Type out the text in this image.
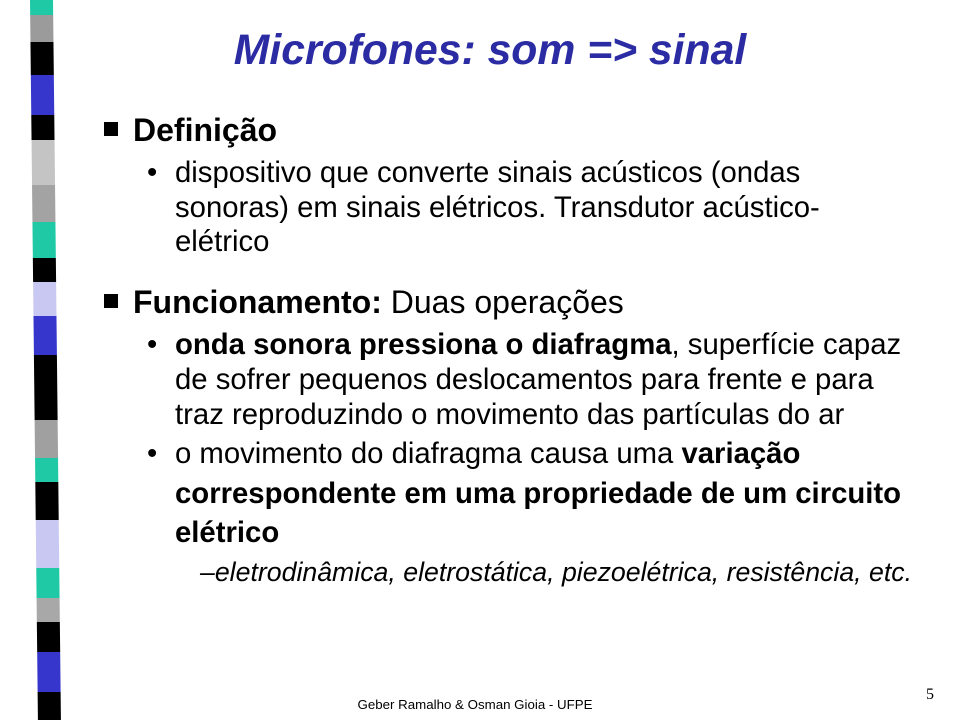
Microfones: som => sinal
Definição
• dispositivo que converte sinais acústicos (ondas
sonoras) em sinais elétricos. Transdutor acústico-
elétrico
Funcionamento: Duas operações
• onda sonora pressiona o diafragma, superfície capaz
de sofrer pequenos deslocamentos para frente e para
traz reproduzindo o movimento das partículas do ar
• o movimento do diafragma causa uma variação
correspondente em uma propriedade de um circuito
elétrico
–eletrodinâmica, eletrostática, piezoelétrica, resistência, etc.
Geber Ramalho & Osman Gioia - UFPE
5
